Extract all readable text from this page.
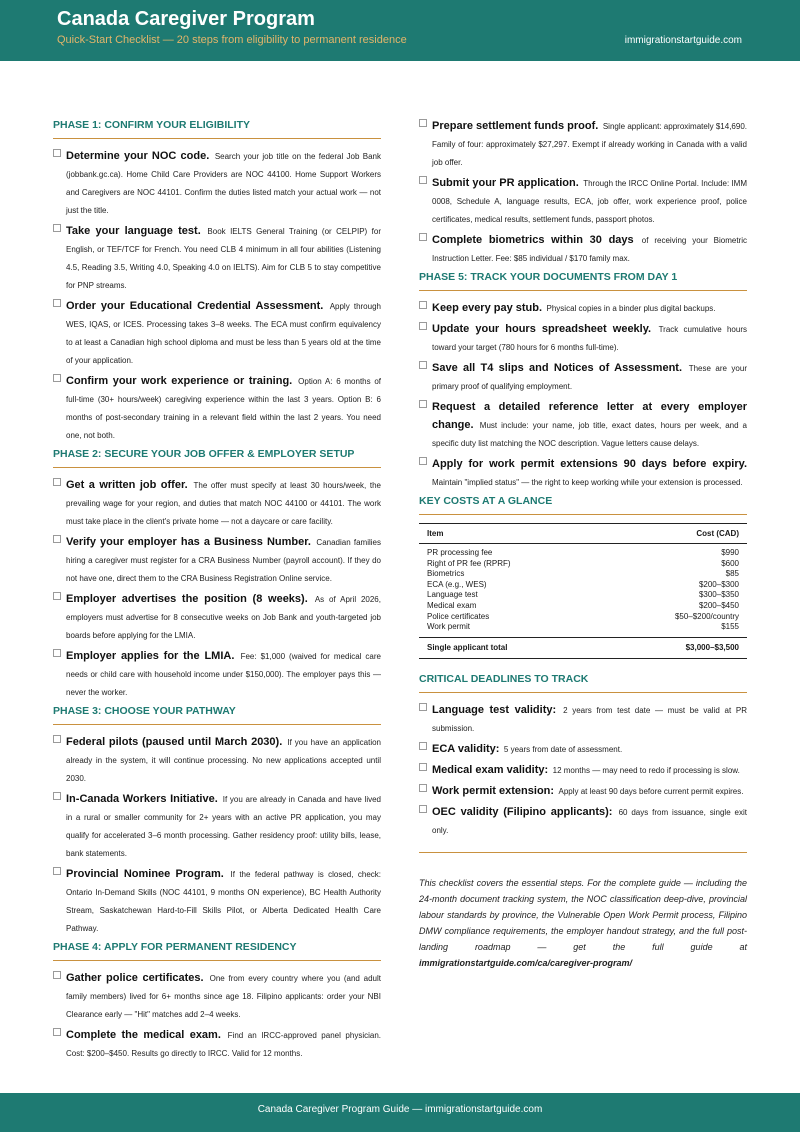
Canada Caregiver Program
Quick-Start Checklist — 20 steps from eligibility to permanent residence	immigrationstartguide.com
PHASE 1: CONFIRM YOUR ELIGIBILITY
Determine your NOC code. Search your job title on the federal Job Bank (jobbank.gc.ca). Home Child Care Providers are NOC 44100. Home Support Workers and Caregivers are NOC 44101. Confirm the duties listed match your actual work — not just the title.
Take your language test. Book IELTS General Training (or CELPIP) for English, or TEF/TCF for French. You need CLB 4 minimum in all four abilities (Listening 4.5, Reading 3.5, Writing 4.0, Speaking 4.0 on IELTS). Aim for CLB 5 to stay competitive for PNP streams.
Order your Educational Credential Assessment. Apply through WES, IQAS, or ICES. Processing takes 3–8 weeks. The ECA must confirm equivalency to at least a Canadian high school diploma and must be less than 5 years old at the time of your application.
Confirm your work experience or training. Option A: 6 months of full-time (30+ hours/week) caregiving experience within the last 3 years. Option B: 6 months of post-secondary training in a relevant field within the last 2 years. You need one, not both.
PHASE 2: SECURE YOUR JOB OFFER & EMPLOYER SETUP
Get a written job offer. The offer must specify at least 30 hours/week, the prevailing wage for your region, and duties that match NOC 44100 or 44101. The work must take place in the client's private home — not a daycare or care facility.
Verify your employer has a Business Number. Canadian families hiring a caregiver must register for a CRA Business Number (payroll account). If they do not have one, direct them to the CRA Business Registration Online service.
Employer advertises the position (8 weeks). As of April 2026, employers must advertise for 8 consecutive weeks on Job Bank and youth-targeted job boards before applying for the LMIA.
Employer applies for the LMIA. Fee: $1,000 (waived for medical care needs or child care with household income under $150,000). The employer pays this — never the worker.
PHASE 3: CHOOSE YOUR PATHWAY
Federal pilots (paused until March 2030). If you have an application already in the system, it will continue processing. No new applications accepted until 2030.
In-Canada Workers Initiative. If you are already in Canada and have lived in a rural or smaller community for 2+ years with an active PR application, you may qualify for accelerated 3–6 month processing. Gather residency proof: utility bills, lease, bank statements.
Provincial Nominee Program. If the federal pathway is closed, check: Ontario In-Demand Skills (NOC 44101, 9 months ON experience), BC Health Authority Stream, Saskatchewan Hard-to-Fill Skills Pilot, or Alberta Dedicated Health Care Pathway.
PHASE 4: APPLY FOR PERMANENT RESIDENCY
Gather police certificates. One from every country where you (and adult family members) lived for 6+ months since age 18. Filipino applicants: order your NBI Clearance early — "Hit" matches add 2–4 weeks.
Complete the medical exam. Find an IRCC-approved panel physician. Cost: $200–$450. Results go directly to IRCC. Valid for 12 months.
Prepare settlement funds proof. Single applicant: approximately $14,690. Family of four: approximately $27,297. Exempt if already working in Canada with a valid job offer.
Submit your PR application. Through the IRCC Online Portal. Include: IMM 0008, Schedule A, language results, ECA, job offer, work experience proof, police certificates, medical results, settlement funds, passport photos.
Complete biometrics within 30 days of receiving your Biometric Instruction Letter. Fee: $85 individual / $170 family max.
PHASE 5: TRACK YOUR DOCUMENTS FROM DAY 1
Keep every pay stub. Physical copies in a binder plus digital backups.
Update your hours spreadsheet weekly. Track cumulative hours toward your target (780 hours for 6 months full-time).
Save all T4 slips and Notices of Assessment. These are your primary proof of qualifying employment.
Request a detailed reference letter at every employer change. Must include: your name, job title, exact dates, hours per week, and a specific duty list matching the NOC description. Vague letters cause delays.
Apply for work permit extensions 90 days before expiry. Maintain "implied status" — the right to keep working while your extension is processed.
KEY COSTS AT A GLANCE
Item	Cost (CAD)
PR processing fee	$990
Right of PR fee (RPRF)	$600
Biometrics	$85
ECA (e.g., WES)	$200–$300
Language test	$300–$350
Medical exam	$200–$450
Police certificates	$50–$200/country
Work permit	$155
Single applicant total	$3,000–$3,500
CRITICAL DEADLINES TO TRACK
Language test validity: 2 years from test date — must be valid at PR submission.
ECA validity: 5 years from date of assessment.
Medical exam validity: 12 months — may need to redo if processing is slow.
Work permit extension: Apply at least 90 days before current permit expires.
OEC validity (Filipino applicants): 60 days from issuance, single exit only.
This checklist covers the essential steps. For the complete guide — including the 24-month document tracking system, the NOC classification deep-dive, provincial labour standards by province, the Vulnerable Open Work Permit process, Filipino DMW compliance requirements, the employer handout strategy, and the full post-landing roadmap — get the full guide at immigrationstartguide.com/ca/caregiver-program/
Canada Caregiver Program Guide — immigrationstartguide.com
